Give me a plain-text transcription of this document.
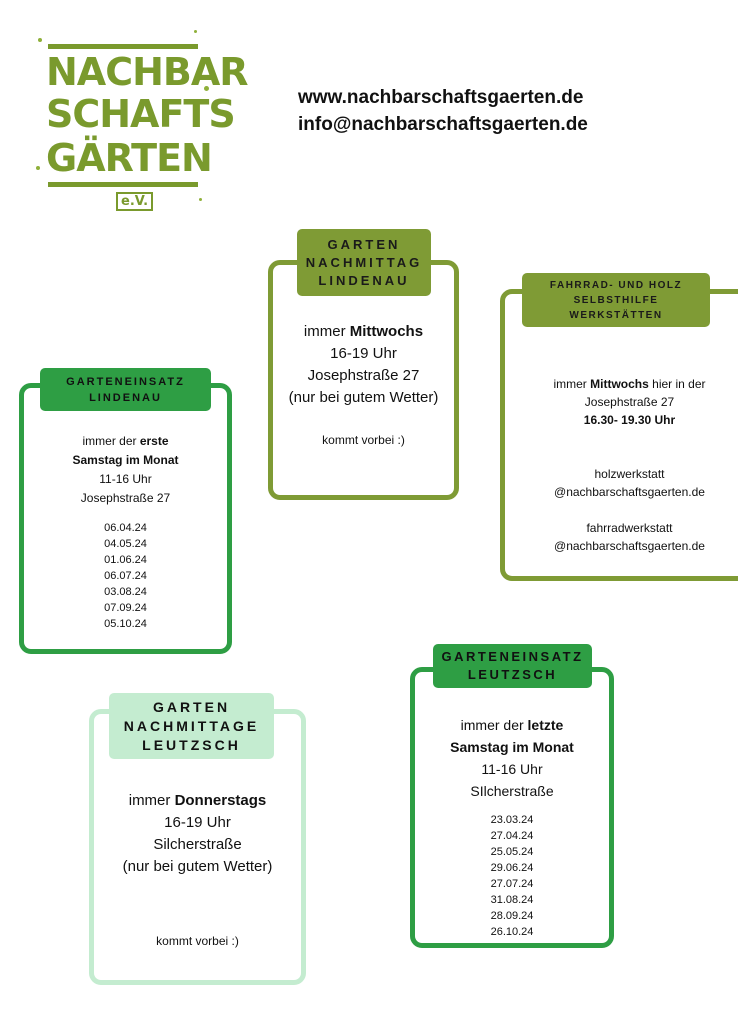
NACHBAR
SCHAFTS
GÄRTEN
e.V.
www.nachbarschaftsgaerten.de
info@nachbarschaftsgaerten.de
immer Mittwochs
16-19 Uhr
Josephstraße 27
(nur bei gutem Wetter)
kommt vorbei :)
GARTEN
NACHMITTAG
LINDENAU
immer Mittwochs hier in der
Josephstraße 27
16.30- 19.30 Uhr
holzwerkstatt
@nachbarschaftsgaerten.de
fahrradwerkstatt
@nachbarschaftsgaerten.de
FAHRRAD- UND HOLZ
SELBSTHILFE
WERKSTÄTTEN
immer der erste
Samstag im Monat
11-16 Uhr
Josephstraße 27
06.04.24
04.05.24
01.06.24
06.07.24
03.08.24
07.09.24
05.10.24
GARTENEINSATZ
LINDENAU
immer der letzte
Samstag im Monat
11-16 Uhr
SIlcherstraße
23.03.24
27.04.24
25.05.24
29.06.24
27.07.24
31.08.24
28.09.24
26.10.24
GARTENEINSATZ
LEUTZSCH
immer Donnerstags
16-19 Uhr
Silcherstraße
(nur bei gutem Wetter)
kommt vorbei :)
GARTEN
NACHMITTAGE
LEUTZSCH
